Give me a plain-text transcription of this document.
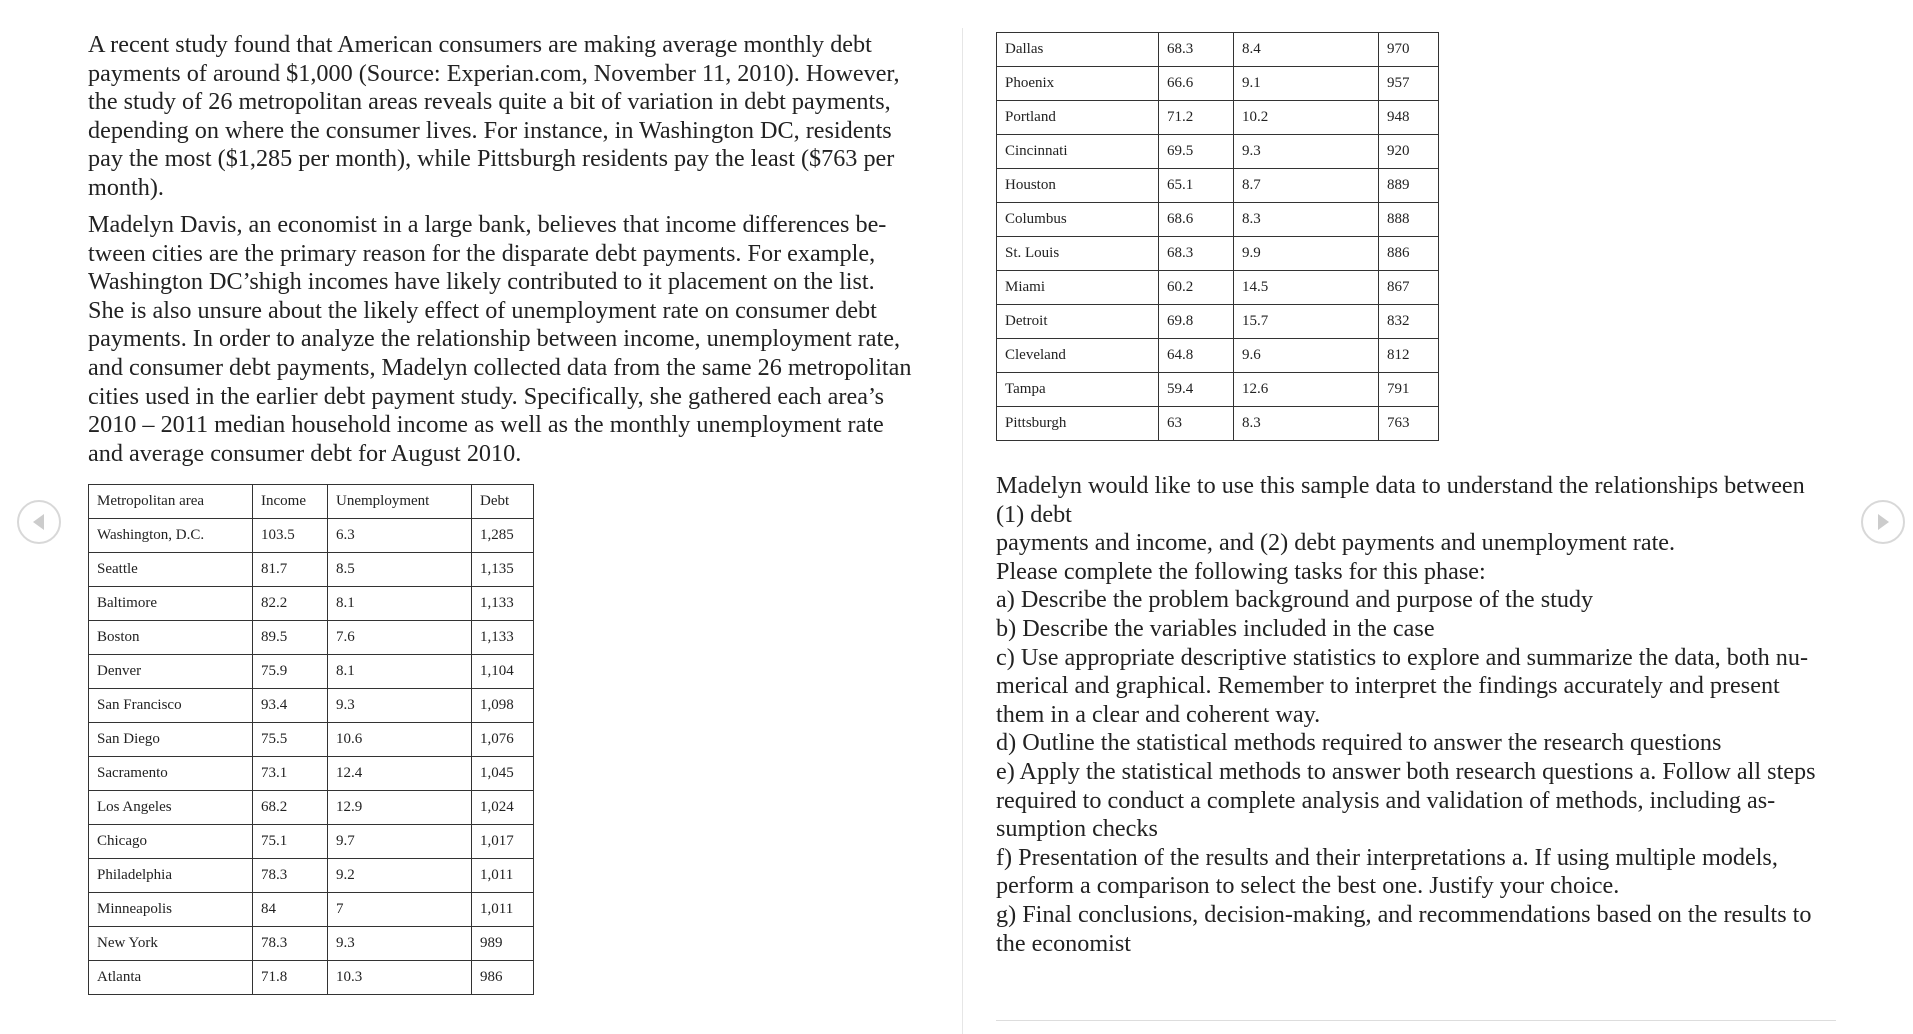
A recent study found that American consumers are making average monthly debt
payments of around $1,000 (Source: Experian.com, November 11, 2010). However,
the study of 26 metropolitan areas reveals quite a bit of variation in debt payments,
depending on where the consumer lives. For instance, in Washington DC, residents
pay the most ($1,285 per month), while Pittsburgh residents pay the least ($763 per
month).

Madelyn Davis, an economist in a large bank, believes that income differences be-
tween cities are the primary reason for the disparate debt payments. For example,
Washington DC’shigh incomes have likely contributed to it placement on the list.
She is also unsure about the likely effect of unemployment rate on consumer debt
payments. In order to analyze the relationship between income, unemployment rate,
and consumer debt payments, Madelyn collected data from the same 26 metropolitan
cities used in the earlier debt payment study. Specifically, she gathered each area’s
2010 – 2011 median household income as well as the monthly unemployment rate
and average consumer debt for August 2010.

Metropolitan area	Income	Unemployment	Debt
Washington, D.C.	103.5	6.3	1,285
Seattle	81.7	8.5	1,135
Baltimore	82.2	8.1	1,133
Boston	89.5	7.6	1,133
Denver	75.9	8.1	1,104
San Francisco	93.4	9.3	1,098
San Diego	75.5	10.6	1,076
Sacramento	73.1	12.4	1,045
Los Angeles	68.2	12.9	1,024
Chicago	75.1	9.7	1,017
Philadelphia	78.3	9.2	1,011
Minneapolis	84	7	1,011
New York	78.3	9.3	989
Atlanta	71.8	10.3	986
Dallas	68.3	8.4	970
Phoenix	66.6	9.1	957
Portland	71.2	10.2	948
Cincinnati	69.5	9.3	920
Houston	65.1	8.7	889
Columbus	68.6	8.3	888
St. Louis	68.3	9.9	886
Miami	60.2	14.5	867
Detroit	69.8	15.7	832
Cleveland	64.8	9.6	812
Tampa	59.4	12.6	791
Pittsburgh	63	8.3	763

Madelyn would like to use this sample data to understand the relationships between (1) debt

payments and income, and (2) debt payments and unemployment rate.

Please complete the following tasks for this phase:

a) Describe the problem background and purpose of the study

b) Describe the variables included in the case

c) Use appropriate descriptive statistics to explore and summarize the data, both nu-
merical and graphical. Remember to interpret the findings accurately and present
them in a clear and coherent way.

d) Outline the statistical methods required to answer the research questions

e) Apply the statistical methods to answer both research questions a. Follow all steps
required to conduct a complete analysis and validation of methods, including as-
sumption checks

f) Presentation of the results and their interpretations a. If using multiple models,
perform a comparison to select the best one. Justify your choice.

g) Final conclusions, decision-making, and recommendations based on the results to
the economist
